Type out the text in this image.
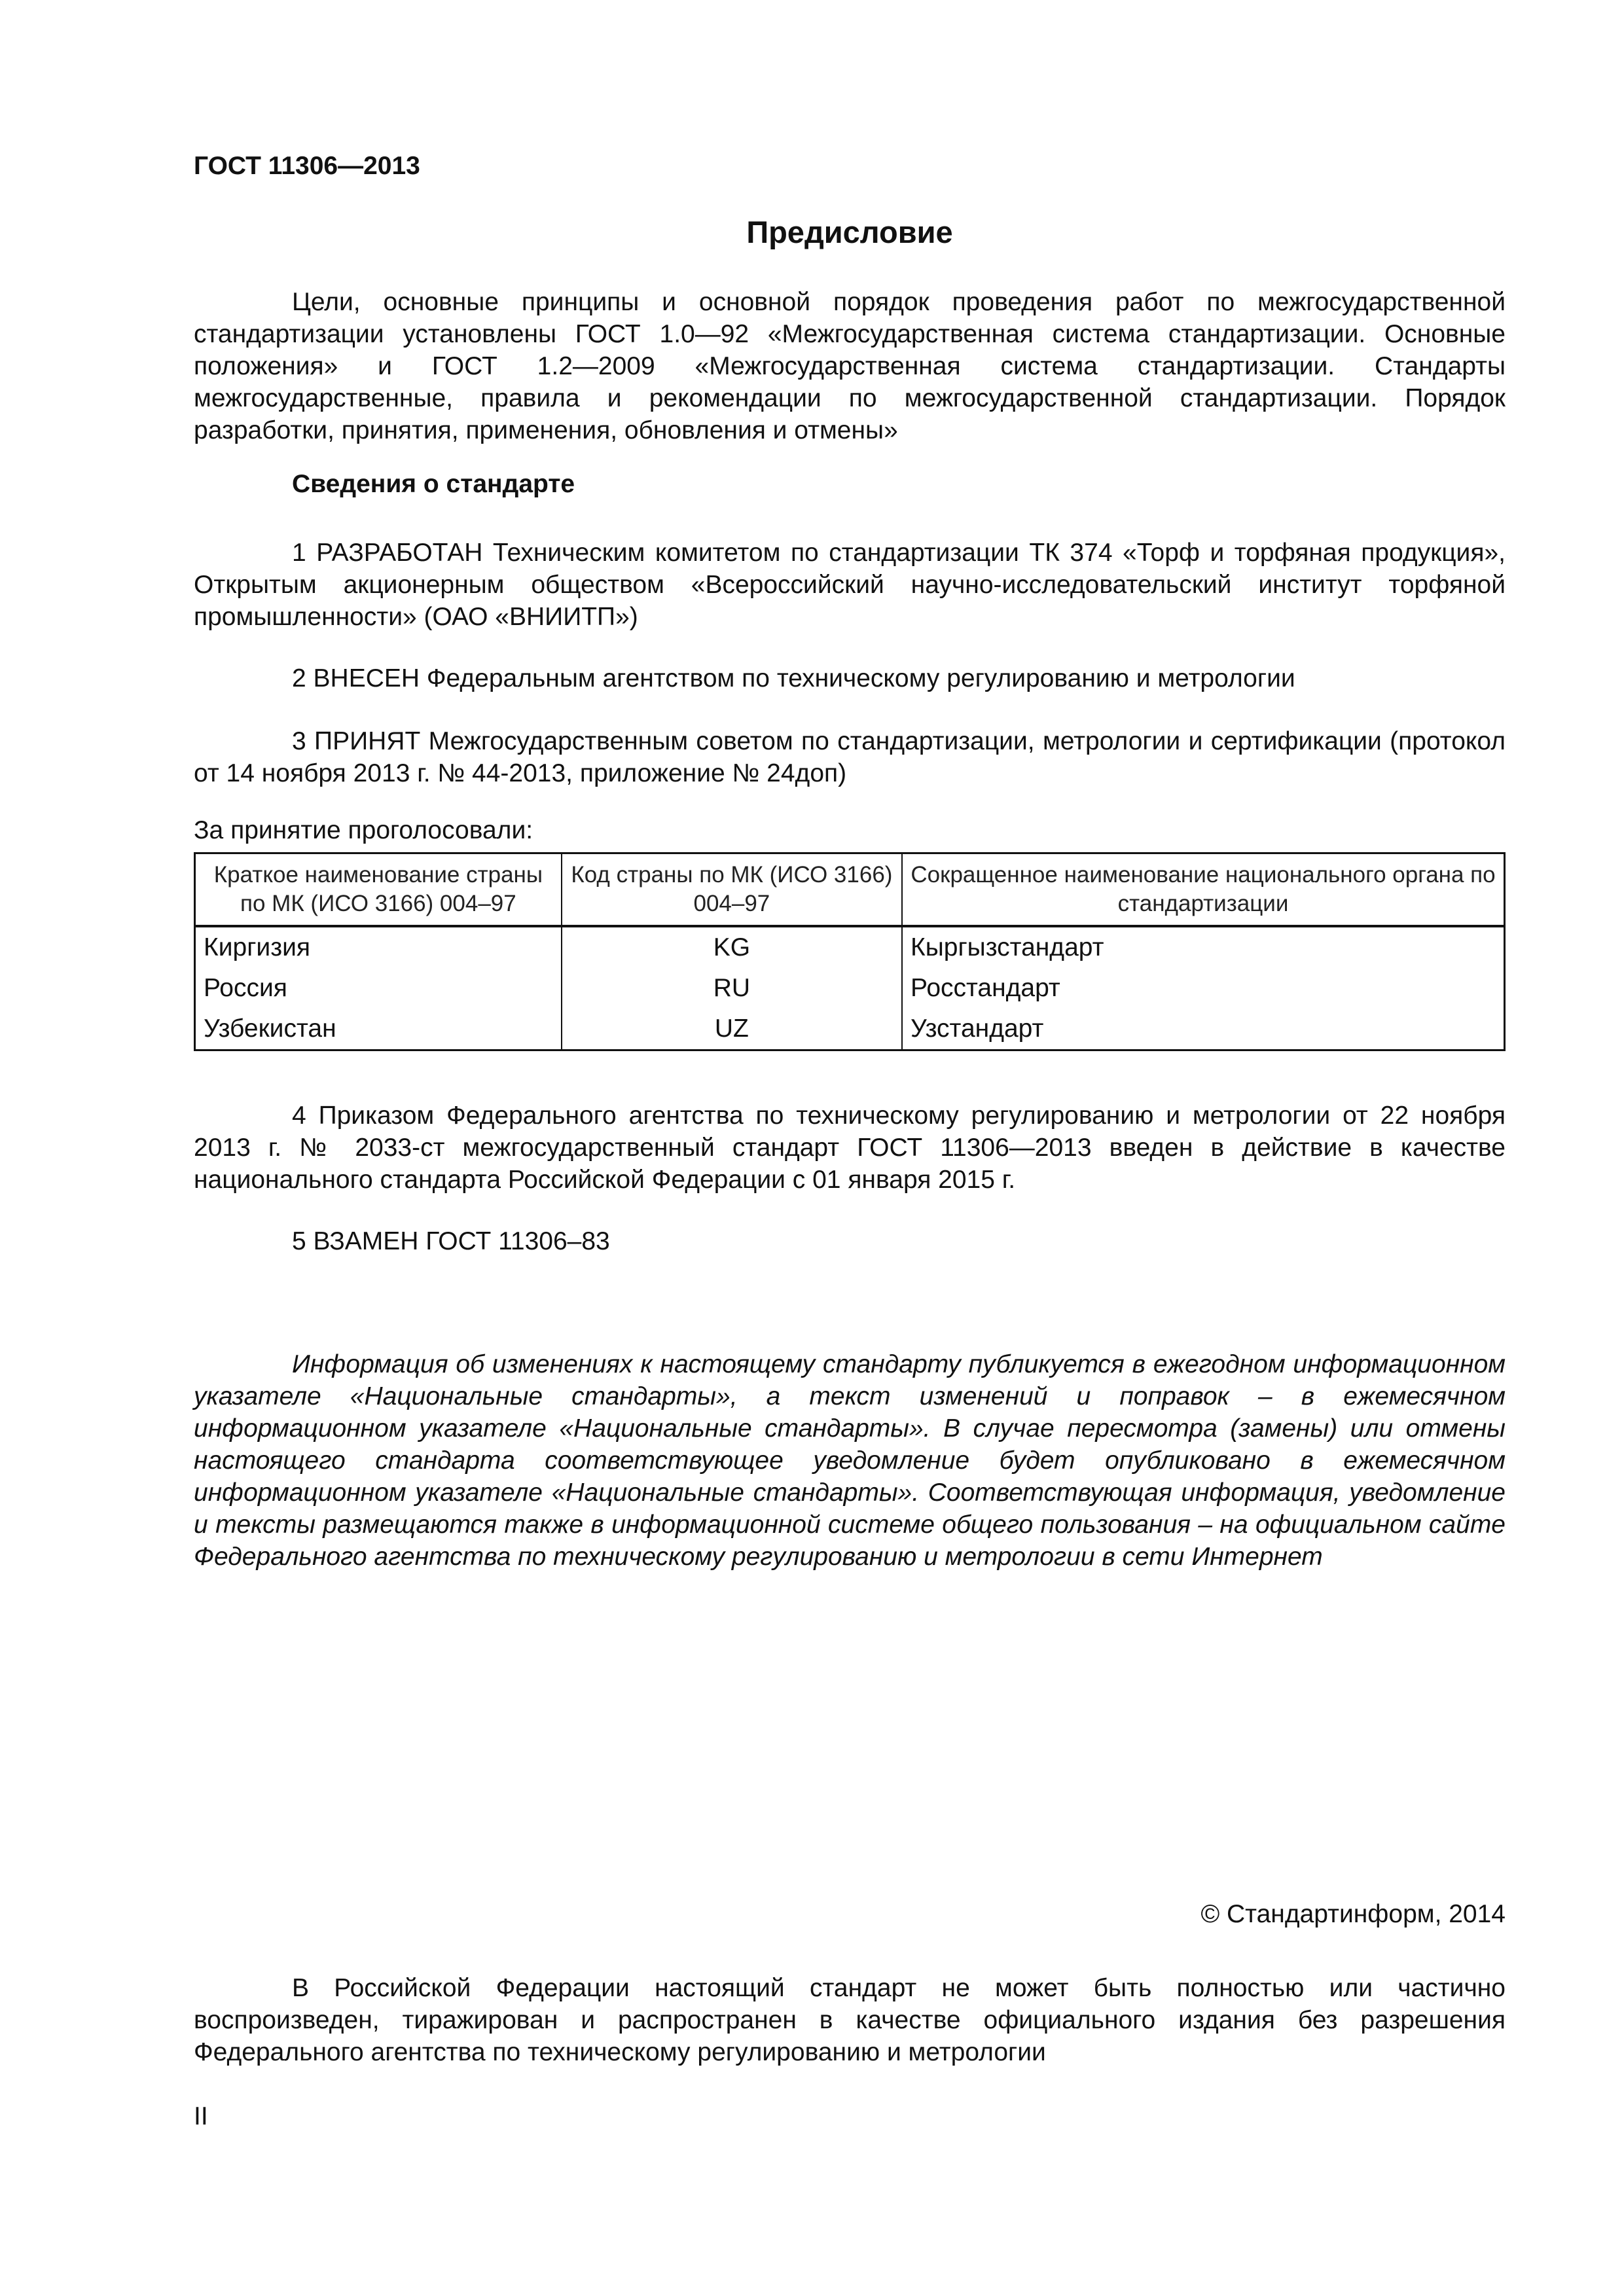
ГОСТ 11306—2013
Предисловие
Цели, основные принципы и основной порядок проведения работ по межгосударственной стандартизации установлены ГОСТ 1.0—92 «Межгосударственная система стандартизации. Основные положения» и ГОСТ 1.2—2009 «Межгосударственная система стандартизации. Стандарты межгосударственные, правила и рекомендации по межгосударственной стандартизации. Порядок разработки, принятия, применения, обновления и отмены»
Сведения о стандарте
1 РАЗРАБОТАН Техническим комитетом по стандартизации ТК 374 «Торф и торфяная продукция», Открытым акционерным обществом «Всероссийский научно-исследовательский институт торфяной промышленности» (ОАО «ВНИИТП»)
2 ВНЕСЕН Федеральным агентством по техническому регулированию и метрологии
3 ПРИНЯТ Межгосударственным советом по стандартизации, метрологии и сертификации (протокол от 14 ноября 2013 г. № 44-2013, приложение № 24доп)
За принятие проголосовали:
Краткое наименование страны по МК (ИСО 3166) 004–97	Код страны по МК (ИСО 3166) 004–97	Сокращенное наименование национального органа по стандартизации
Киргизия	KG	Кыргызстандарт
Россия	RU	Росстандарт
Узбекистан	UZ	Узстандарт
4 Приказом Федерального агентства по техническому регулированию и метрологии от 22 ноября 2013 г. № 2033-ст межгосударственный стандарт ГОСТ 11306—2013 введен в действие в качестве национального стандарта Российской Федерации с 01 января 2015 г.
5 ВЗАМЕН ГОСТ 11306–83
Информация об изменениях к настоящему стандарту публикуется в ежегодном информационном указателе «Национальные стандарты», а текст изменений и поправок – в ежемесячном информационном указателе «Национальные стандарты». В случае пересмотра (замены) или отмены настоящего стандарта соответствующее уведомление будет опубликовано в ежемесячном информационном указателе «Национальные стандарты». Соответствующая информация, уведомление и тексты размещаются также в информационной системе общего пользования – на официальном сайте Федерального агентства по техническому регулированию и метрологии в сети Интернет
© Стандартинформ, 2014
В Российской Федерации настоящий стандарт не может быть полностью или частично воспроизведен, тиражирован и распространен в качестве официального издания без разрешения Федерального агентства по техническому регулированию и метрологии
II
